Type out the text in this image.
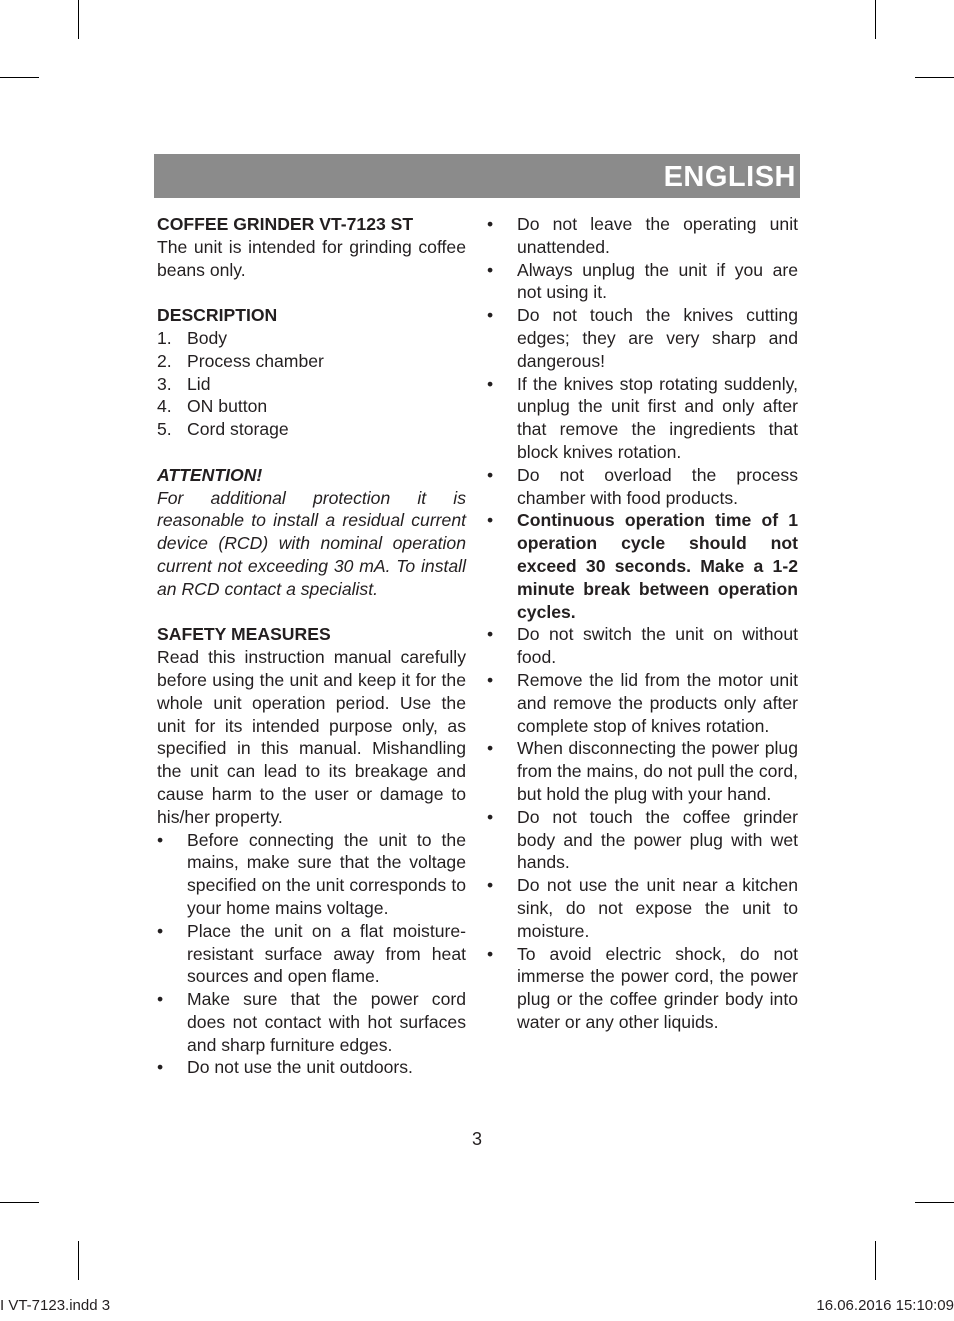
ENGLISH
COFFEE GRINDER VT-7123 ST
The unit is intended for grinding coffee beans only.
DESCRIPTION
1. Body
2. Process chamber
3. Lid
4. ON button
5. Cord storage
ATTENTION!
For additional protection it is reasonable to install a residual current device (RCD) with nominal operation current not exceeding 30 mA. To install an RCD contact a specialist.
SAFETY MEASURES
Read this instruction manual carefully before using the unit and keep it for the whole unit operation period. Use the unit for its intended purpose only, as specified in this manual. Mishandling the unit can lead to its breakage and cause harm to the user or damage to his/her property.
•	Before connecting the unit to the mains, make sure that the voltage specified on the unit corresponds to your home mains voltage.
•	Place the unit on a flat moisture-resistant surface away from heat sources and open flame.
•	Make sure that the power cord does not contact with hot surfaces and sharp furniture edges.
•	Do not use the unit outdoors.
•	Do not leave the operating unit unattended.
•	Always unplug the unit if you are not using it.
•	Do not touch the knives cutting edges; they are very sharp and dangerous!
•	If the knives stop rotating suddenly, unplug the unit first and only after that remove the ingredients that block knives rotation.
•	Do not overload the process chamber with food products.
•	Continuous operation time of 1 operation cycle should not exceed 30 seconds. Make a 1-2 minute break between operation cycles.
•	Do not switch the unit on without food.
•	Remove the lid from the motor unit and remove the products only after complete stop of knives rotation.
•	When disconnecting the power plug from the mains, do not pull the cord, but hold the plug with your hand.
•	Do not touch the coffee grinder body and the power plug with wet hands.
•	Do not use the unit near a kitchen sink, do not expose the unit to moisture.
•	To avoid electric shock, do not immerse the power cord, the power plug or the coffee grinder body into water or any other liquids.
3
I VT-7123.indd 3	16.06.2016 15:10:09
